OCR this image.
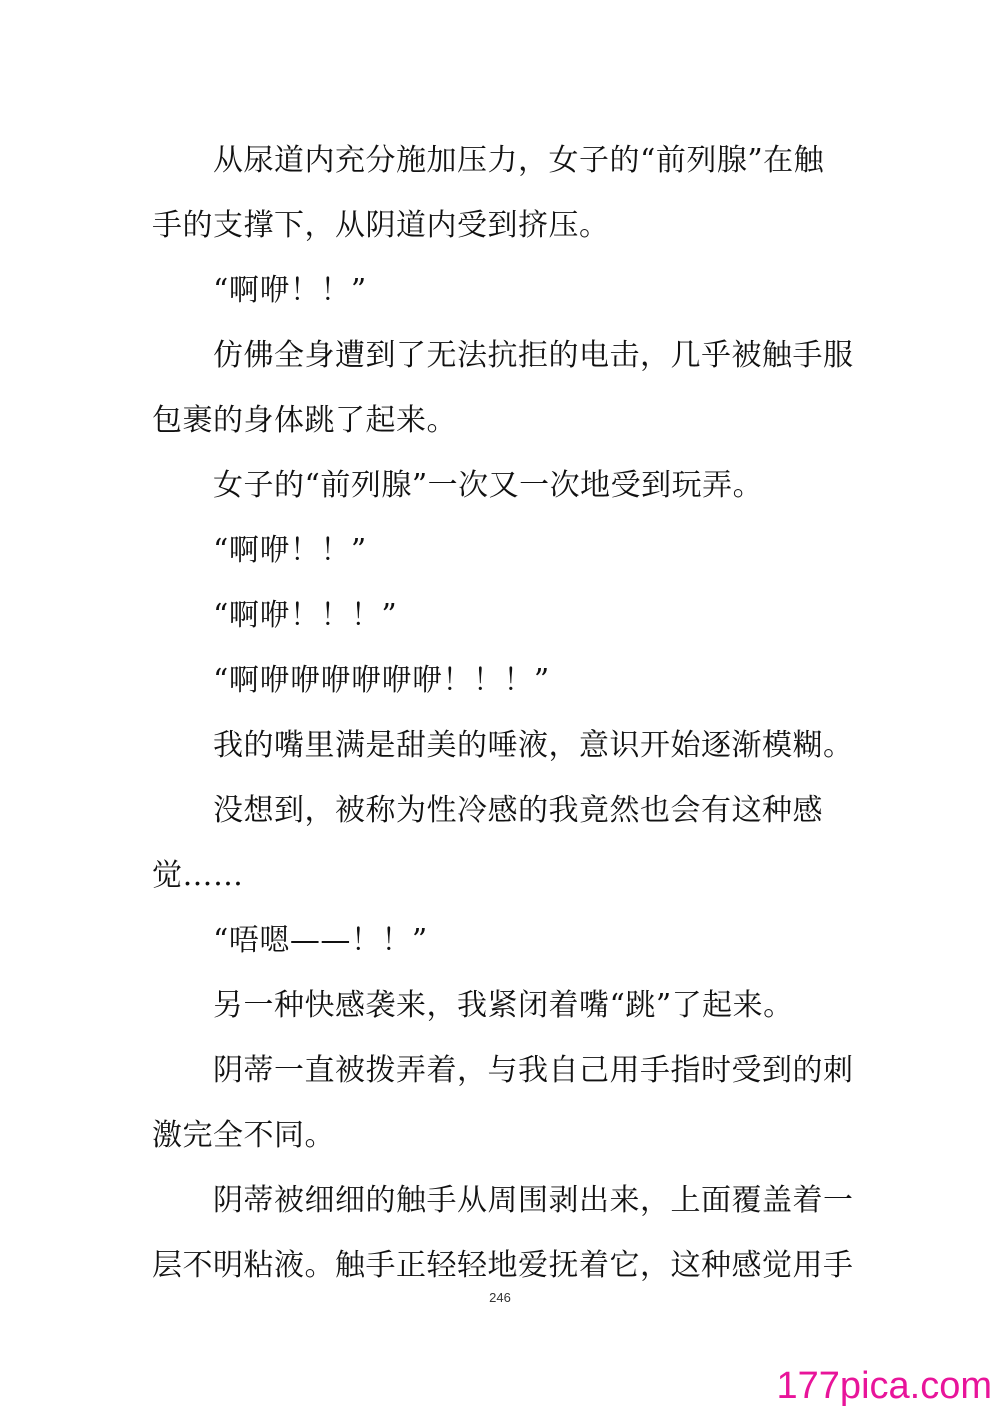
从尿道内充分施加压力，女子的“前列腺”在触
手的支撑下，从阴道内受到挤压。
“啊咿！！”
仿佛全身遭到了无法抗拒的电击，几乎被触手服
包裹的身体跳了起来。
女子的“前列腺”一次又一次地受到玩弄。
“啊咿！！”
“啊咿！！！”
“啊咿咿咿咿咿咿！！！”
我的嘴里满是甜美的唾液，意识开始逐渐模糊。
没想到，被称为性冷感的我竟然也会有这种感
觉……
“唔嗯——！！”
另一种快感袭来，我紧闭着嘴“跳”了起来。
阴蒂一直被拨弄着，与我自己用手指时受到的刺
激完全不同。
阴蒂被细细的触手从周围剥出来，上面覆盖着一
层不明粘液。触手正轻轻地爱抚着它，这种感觉用手
246
177pica.com
